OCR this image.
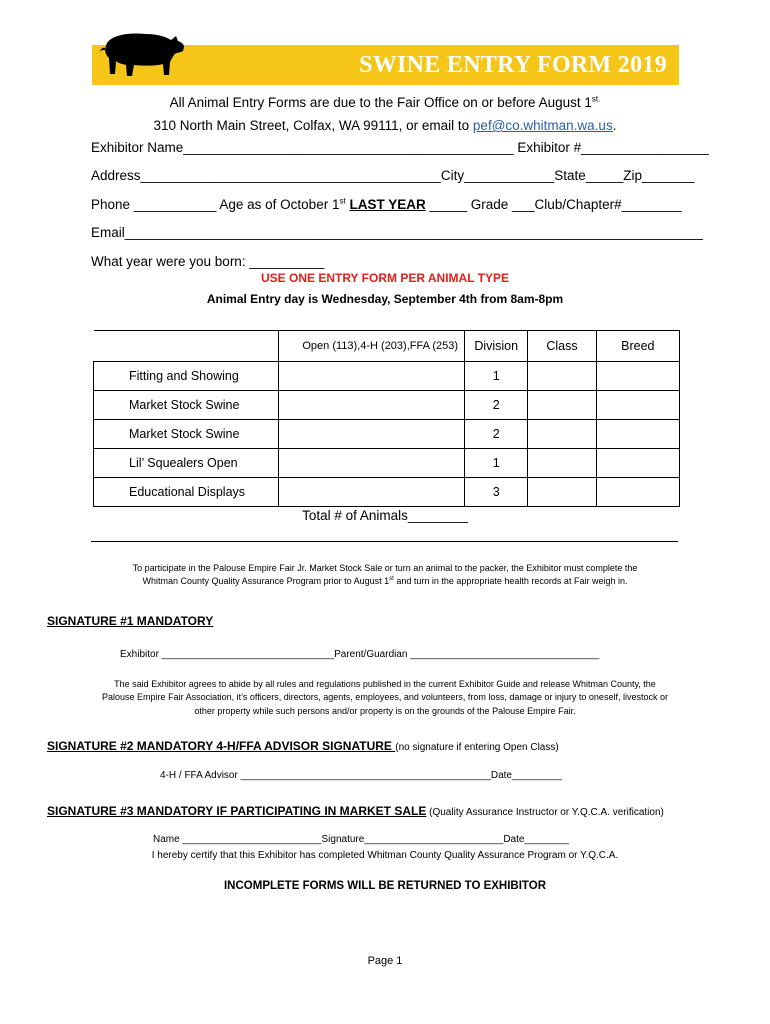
SWINE ENTRY FORM 2019
All Animal Entry Forms are due to the Fair Office on or before August $1^{st.}$
310 North Main Street, Colfax, WA 99111, or email to pef@co.whitman.wa.us.
Exhibitor Name____________________________________________ Exhibitor #_________________
Address________________________________________City____________State_____Zip_______
Phone ___________ Age as of October 1st LAST YEAR _____ Grade ___Club/Chapter#________
Email_____________________________________________________________________________
What year were you born: __________
USE ONE ENTRY FORM PER ANIMAL TYPE
Animal Entry day is Wednesday, September 4th from 8am-8pm
	Open (113),4-H (203),FFA (253)	Division	Class	Breed
Fitting and Showing		1		
Market Stock Swine		2		
Market Stock Swine		2		
Lil’ Squealers Open		1		
Educational Displays		3		
Total # of Animals________
To participate in the Palouse Empire Fair Jr. Market Stock Sale or turn an animal to the packer, the Exhibitor must complete the
Whitman County Quality Assurance Program prior to August 1st and turn in the appropriate health records at Fair weigh in.
SIGNATURE #1 MANDATORY
Exhibitor _______________________________Parent/Guardian __________________________________
The said Exhibitor agrees to abide by all rules and regulations published in the current Exhibitor Guide and release Whitman County, the
Palouse Empire Fair Association, it’s officers, directors, agents, employees, and volunteers, from loss, damage or injury to oneself, livestock or
other property while such persons and/or property is on the grounds of the Palouse Empire Fair.
SIGNATURE #2 MANDATORY 4-H/FFA ADVISOR SIGNATURE (no signature if entering Open Class)
4-H / FFA Advisor _____________________________________________Date_________
SIGNATURE #3 MANDATORY IF PARTICIPATING IN MARKET SALE (Quality Assurance Instructor or Y.Q.C.A. verification)
Name _________________________Signature_________________________Date________
I hereby certify that this Exhibitor has completed Whitman County Quality Assurance Program or Y.Q.C.A.
INCOMPLETE FORMS WILL BE RETURNED TO EXHIBITOR
Page 1
